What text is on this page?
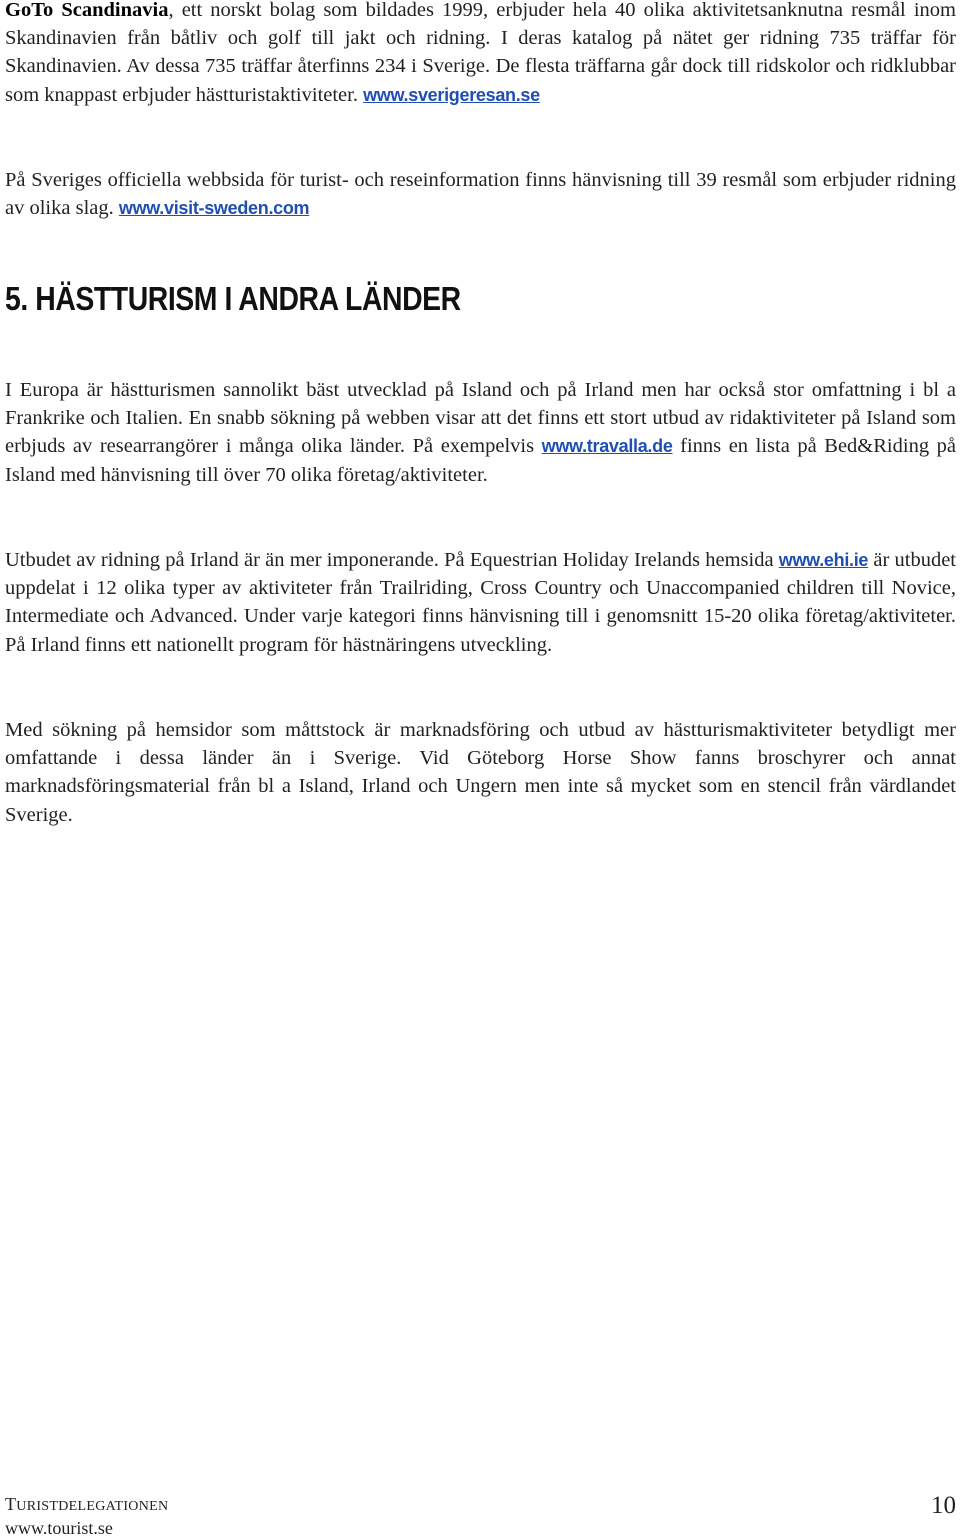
GoTo Scandinavia, ett norskt bolag som bildades 1999, erbjuder hela 40 olika aktivitetsanknutna resmål inom Skandinavien från båtliv och golf till jakt och ridning. I deras katalog på nätet ger ridning 735 träffar för Skandinavien. Av dessa 735 träffar återfinns 234 i Sverige. De flesta träffarna går dock till ridskolor och ridklubbar som knappast erbjuder hästturistaktiviteter. www.sverigeresan.se

På Sveriges officiella webbsida för turist- och reseinformation finns hänvisning till 39 resmål som erbjuder ridning av olika slag. www.visit-sweden.com

5. HÄSTTURISM I ANDRA LÄNDER

I Europa är hästturismen sannolikt bäst utvecklad på Island och på Irland men har också stor omfattning i bl a Frankrike och Italien. En snabb sökning på webben visar att det finns ett stort utbud av ridaktiviteter på Island som erbjuds av researrangörer i många olika länder. På exempelvis www.travalla.de finns en lista på Bed&Riding på Island med hänvisning till över 70 olika företag/aktiviteter.

Utbudet av ridning på Irland är än mer imponerande. På Equestrian Holiday Irelands hemsida www.ehi.ie är utbudet uppdelat i 12 olika typer av aktiviteter från Trailriding, Cross Country och Unaccompanied children till Novice, Intermediate och Advanced. Under varje kategori finns hänvisning till i genomsnitt 15-20 olika företag/aktiviteter. På Irland finns ett nationellt program för hästnäringens utveckling.

Med sökning på hemsidor som måttstock är marknadsföring och utbud av hästturismaktiviteter betydligt mer omfattande i dessa länder än i Sverige. Vid Göteborg Horse Show fanns broschyrer och annat marknadsföringsmaterial från bl a Island, Irland och Ungern men inte så mycket som en stencil från värdlandet Sverige.

TURISTDELEGATIONEN
www.tourist.se
10
